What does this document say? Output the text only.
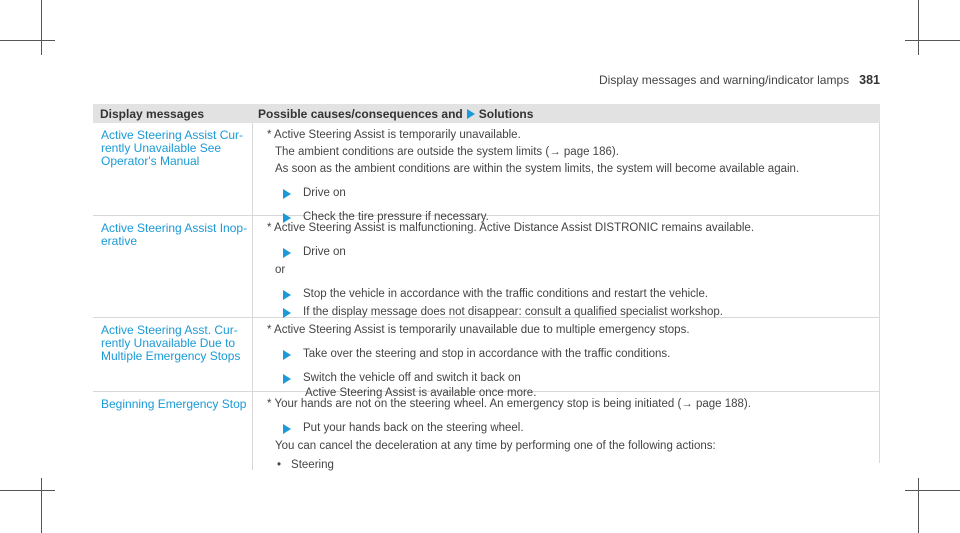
Display messages and warning/indicator lamps 381
Display messages	Possible causes/consequences and Solutions
Active Steering Assist Cur-rently Unavailable See Operator's Manual
* Active Steering Assist is temporarily unavailable.
The ambient conditions are outside the system limits (→ page 186).
As soon as the ambient conditions are within the system limits, the system will become available again.
Drive on
Check the tire pressure if necessary.
Active Steering Assist Inop-erative
* Active Steering Assist is malfunctioning. Active Distance Assist DISTRONIC remains available.
Drive on
or
Stop the vehicle in accordance with the traffic conditions and restart the vehicle.
If the display message does not disappear: consult a qualified specialist workshop.
Active Steering Asst. Cur-rently Unavailable Due to Multiple Emergency Stops
* Active Steering Assist is temporarily unavailable due to multiple emergency stops.
Take over the steering and stop in accordance with the traffic conditions.
Switch the vehicle off and switch it back on
Active Steering Assist is available once more.
Beginning Emergency Stop	* Your hands are not on the steering wheel. An emergency stop is being initiated (→ page 188).
Put your hands back on the steering wheel.
You can cancel the deceleration at any time by performing one of the following actions:
• Steering
